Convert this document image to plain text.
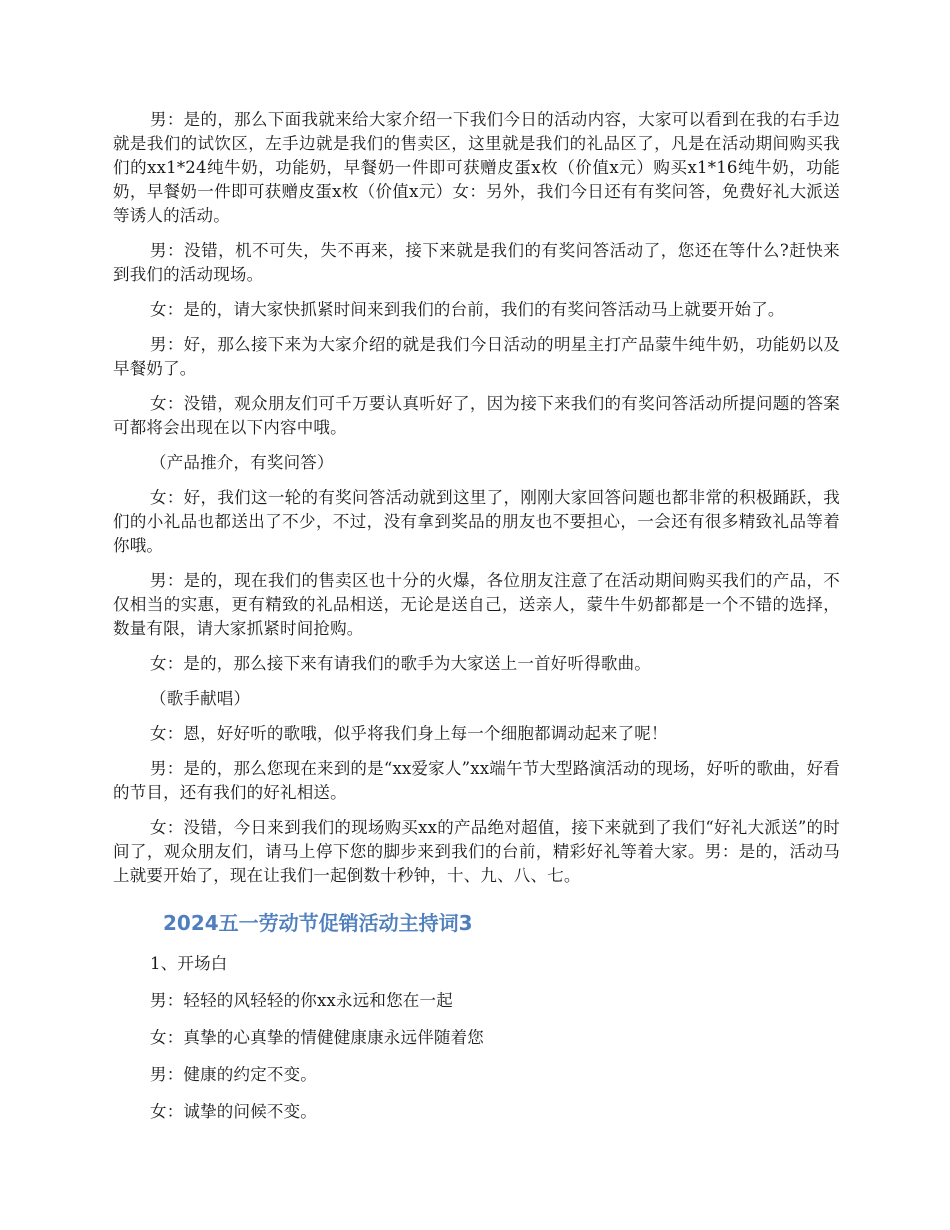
男：是的，那么下面我就来给大家介绍一下我们今日的活动内容，大家可以看到在我的右手边就是我们的试饮区，左手边就是我们的售卖区，这里就是我们的礼品区了，凡是在活动期间购买我们的xx1*24纯牛奶，功能奶，早餐奶一件即可获赠皮蛋x枚（价值x元）购买x1*16纯牛奶，功能奶，早餐奶一件即可获赠皮蛋x枚（价值x元）女：另外，我们今日还有有奖问答，免费好礼大派送等诱人的活动。

男：没错，机不可失，失不再来，接下来就是我们的有奖问答活动了，您还在等什么?赶快来到我们的活动现场。

女：是的，请大家快抓紧时间来到我们的台前，我们的有奖问答活动马上就要开始了。

男：好，那么接下来为大家介绍的就是我们今日活动的明星主打产品蒙牛纯牛奶，功能奶以及早餐奶了。

女：没错，观众朋友们可千万要认真听好了，因为接下来我们的有奖问答活动所提问题的答案可都将会出现在以下内容中哦。

（产品推介，有奖问答）

女：好，我们这一轮的有奖问答活动就到这里了，刚刚大家回答问题也都非常的积极踊跃，我们的小礼品也都送出了不少，不过，没有拿到奖品的朋友也不要担心，一会还有很多精致礼品等着你哦。

男：是的，现在我们的售卖区也十分的火爆，各位朋友注意了在活动期间购买我们的产品，不仅相当的实惠，更有精致的礼品相送，无论是送自己，送亲人，蒙牛牛奶都都是一个不错的选择，数量有限，请大家抓紧时间抢购。

女：是的，那么接下来有请我们的歌手为大家送上一首好听得歌曲。

（歌手献唱）

女：恩，好好听的歌哦，似乎将我们身上每一个细胞都调动起来了呢！

男：是的，那么您现在来到的是“xx爱家人”xx端午节大型路演活动的现场，好听的歌曲，好看的节目，还有我们的好礼相送。

女：没错，今日来到我们的现场购买xx的产品绝对超值，接下来就到了我们“好礼大派送”的时间了，观众朋友们，请马上停下您的脚步来到我们的台前，精彩好礼等着大家。男：是的，活动马上就要开始了，现在让我们一起倒数十秒钟，十、九、八、七。

2024五一劳动节促销活动主持词3
1、开场白
男：轻轻的风轻轻的你xx永远和您在一起
女：真挚的心真挚的情健健康康永远伴随着您
男：健康的约定不变。
女：诚挚的问候不变。
